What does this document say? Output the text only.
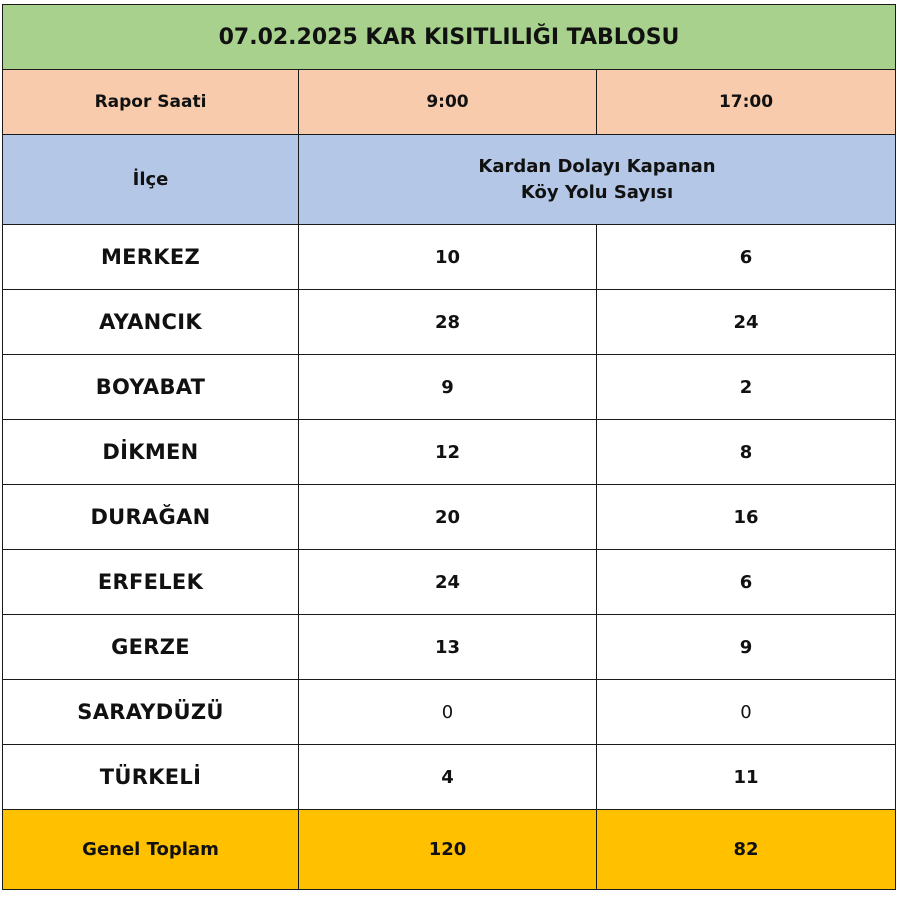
07.02.2025 KAR KISITLILIĞI TABLOSU		
Rapor Saati	9:00	17:00
İlçe	Kardan Dolayı Kapanan
Köy Yolu Sayısı	

MERKEZ	10	6
AYANCIK	28	24
BOYABAT	9	2
DİKMEN	12	8
DURAĞAN	20	16
ERFELEK	24	6
GERZE	13	9
SARAYDÜZÜ	0	0
TÜRKELİ	4	11
Genel Toplam	120	82
